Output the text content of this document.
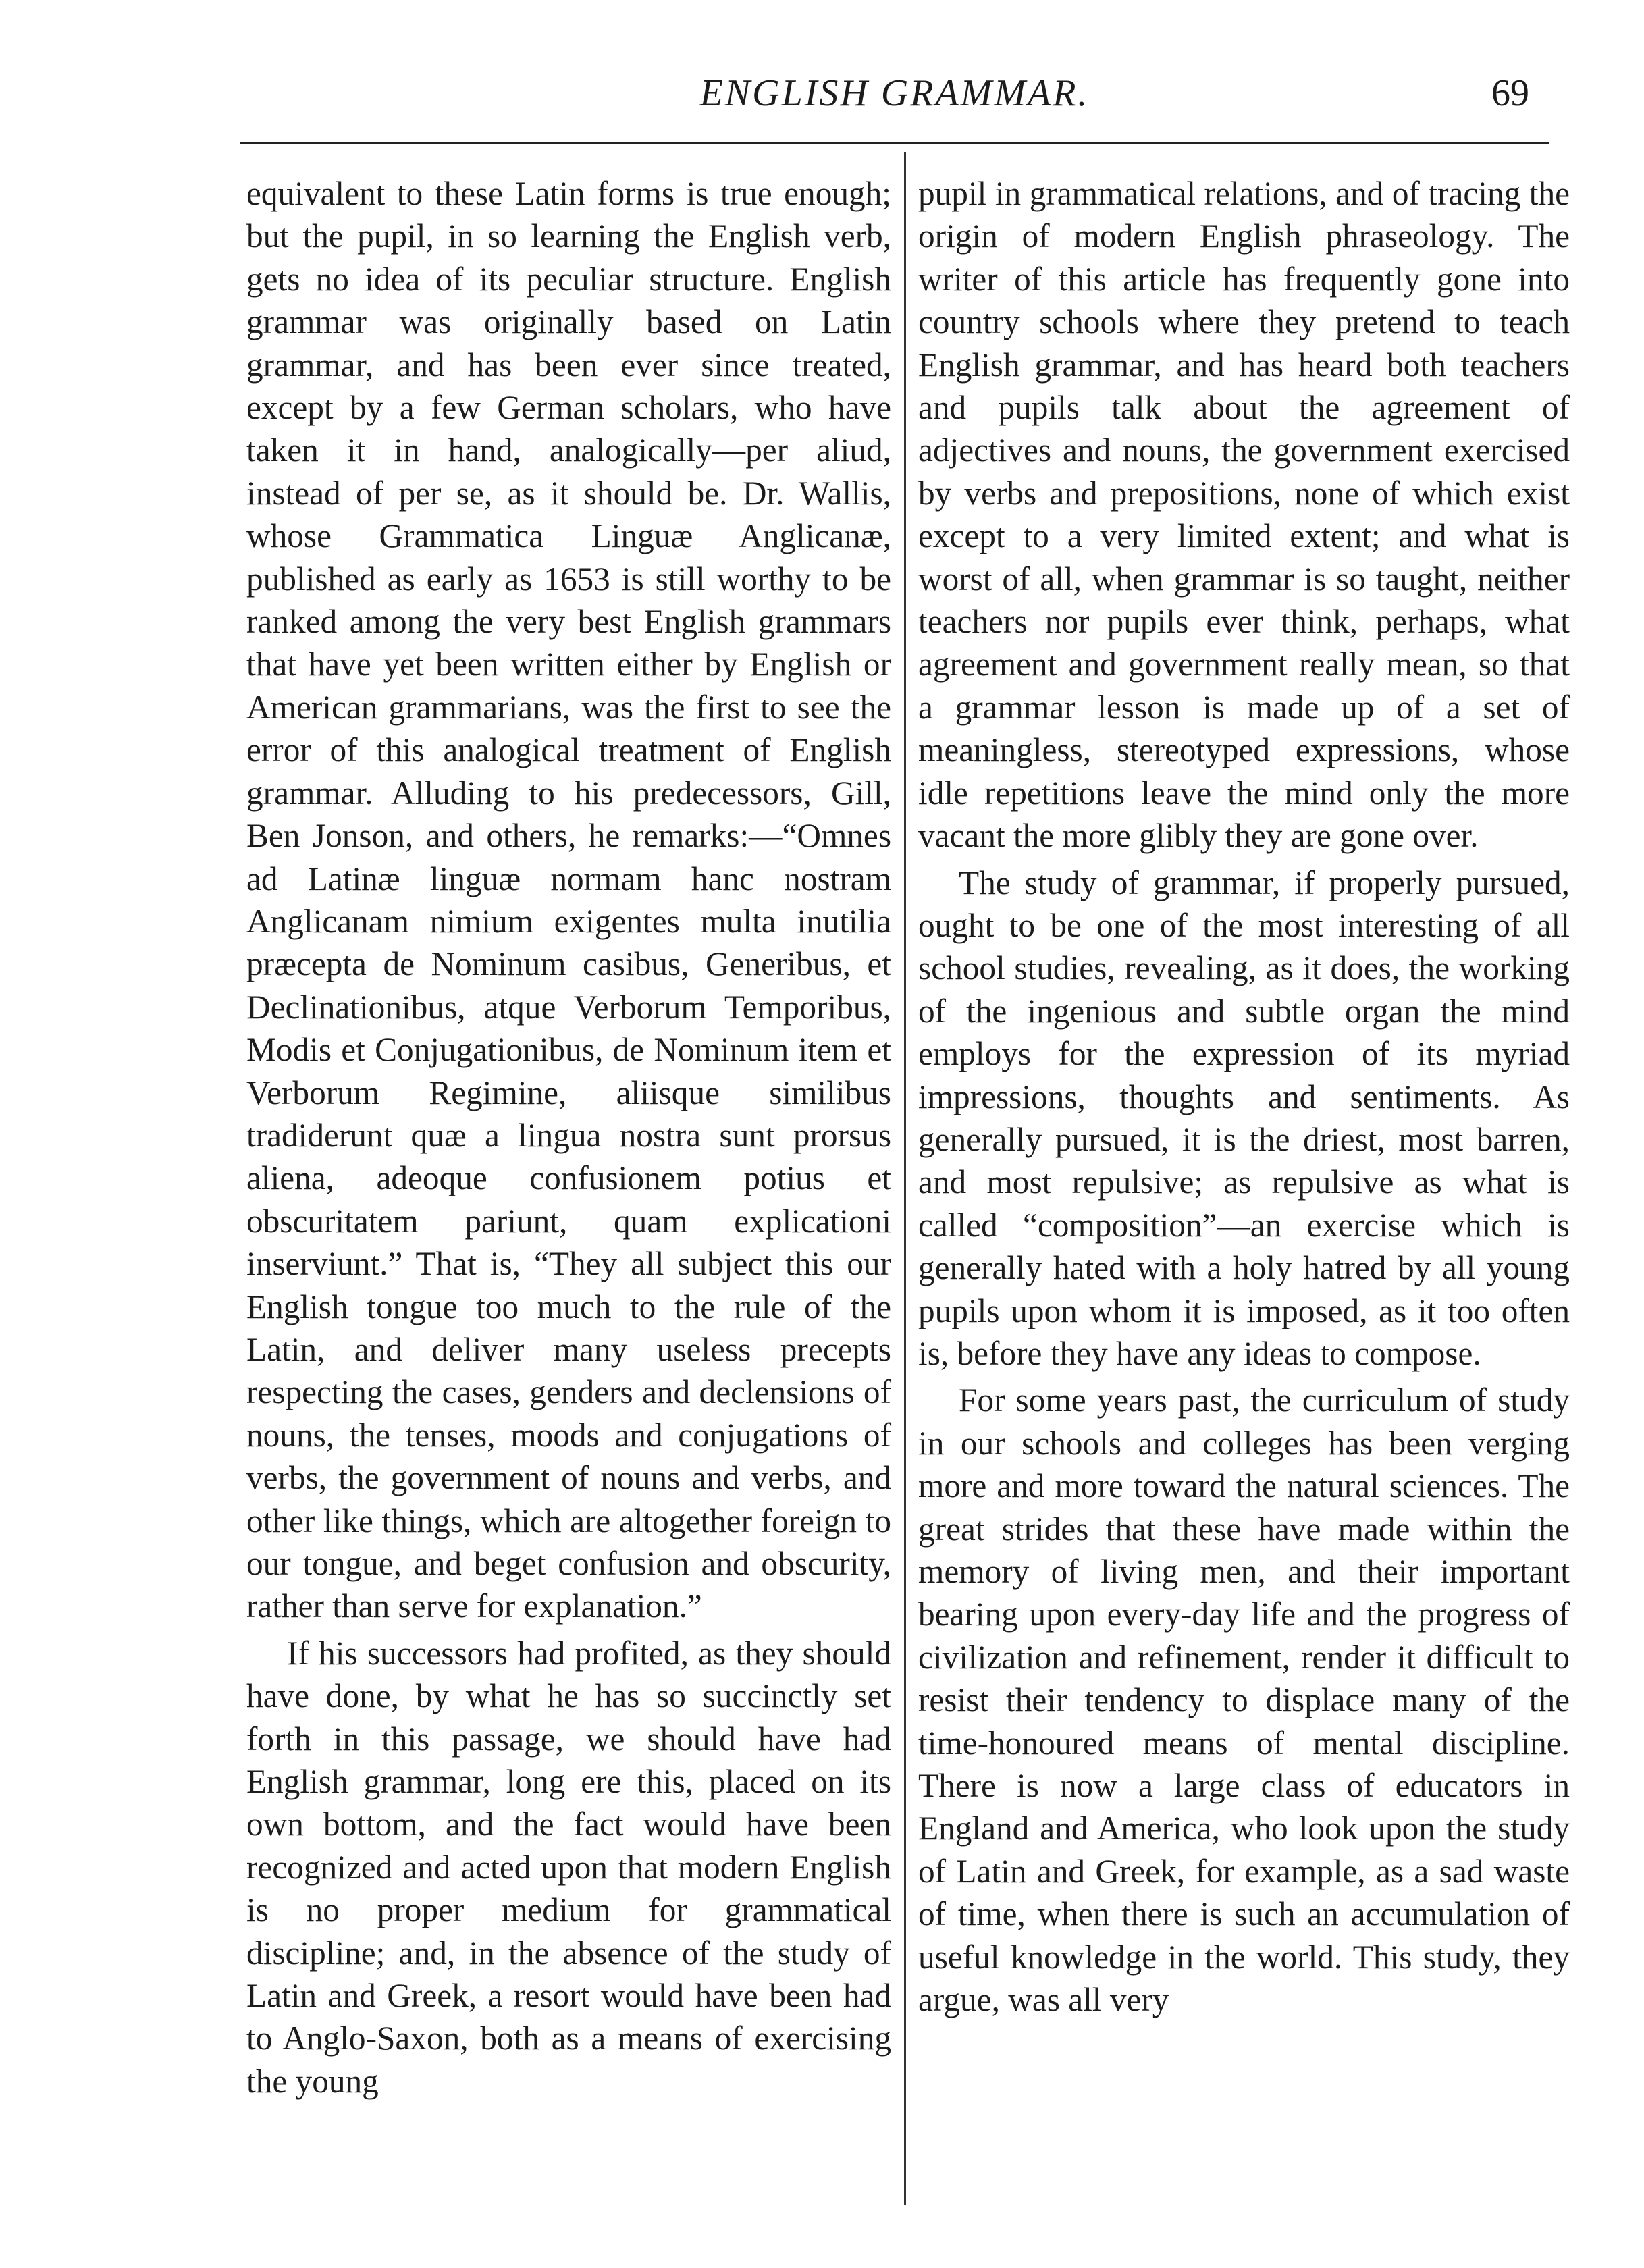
ENGLISH GRAMMAR.	69

equivalent to these Latin forms is true enough; but the pupil, in so learning the English verb, gets no idea of its peculiar structure. English grammar was originally based on Latin grammar, and has been ever since treated, except by a few German scholars, who have taken it in hand, analogically—per aliud, instead of per se, as it should be. Dr. Wallis, whose Grammatica Linguæ Anglicanæ, published as early as 1653 is still worthy to be ranked among the very best English grammars that have yet been written either by English or American grammarians, was the first to see the error of this analogical treatment of English grammar. Alluding to his predecessors, Gill, Ben Jonson, and others, he remarks:—“Omnes ad Latinæ linguæ normam hanc nostram Anglicanam nimium exigentes multa inutilia præcepta de Nominum casibus, Generibus, et Declinationibus, atque Verborum Temporibus, Modis et Conjugationibus, de Nominum item et Verborum Regimine, aliisque similibus tradiderunt quæ a lingua nostra sunt prorsus aliena, adeoque confusionem potius et obscuritatem pariunt, quam explicationi inserviunt.” That is, “They all subject this our English tongue too much to the rule of the Latin, and deliver many useless precepts respecting the cases, genders and declensions of nouns, the tenses, moods and conjugations of verbs, the government of nouns and verbs, and other like things, which are altogether foreign to our tongue, and beget confusion and obscurity, rather than serve for explanation.”

If his successors had profited, as they should have done, by what he has so succinctly set forth in this passage, we should have had English grammar, long ere this, placed on its own bottom, and the fact would have been recognized and acted upon that modern English is no proper medium for grammatical discipline; and, in the absence of the study of Latin and Greek, a resort would have been had to Anglo-Saxon, both as a means of exercising the young

pupil in grammatical relations, and of tracing the origin of modern English phraseology. The writer of this article has frequently gone into country schools where they pretend to teach English grammar, and has heard both teachers and pupils talk about the agreement of adjectives and nouns, the government exercised by verbs and prepositions, none of which exist except to a very limited extent; and what is worst of all, when grammar is so taught, neither teachers nor pupils ever think, perhaps, what agreement and government really mean, so that a grammar lesson is made up of a set of meaningless, stereotyped expressions, whose idle repetitions leave the mind only the more vacant the more glibly they are gone over.

The study of grammar, if properly pursued, ought to be one of the most interesting of all school studies, revealing, as it does, the working of the ingenious and subtle organ the mind employs for the expression of its myriad impressions, thoughts and sentiments. As generally pursued, it is the driest, most barren, and most repulsive; as repulsive as what is called “composition”—an exercise which is generally hated with a holy hatred by all young pupils upon whom it is imposed, as it too often is, before they have any ideas to compose.

For some years past, the curriculum of study in our schools and colleges has been verging more and more toward the natural sciences. The great strides that these have made within the memory of living men, and their important bearing upon every-day life and the progress of civilization and refinement, render it difficult to resist their tendency to displace many of the time-honoured means of mental discipline. There is now a large class of educators in England and America, who look upon the study of Latin and Greek, for example, as a sad waste of time, when there is such an accumulation of useful knowledge in the world. This study, they argue, was all very
